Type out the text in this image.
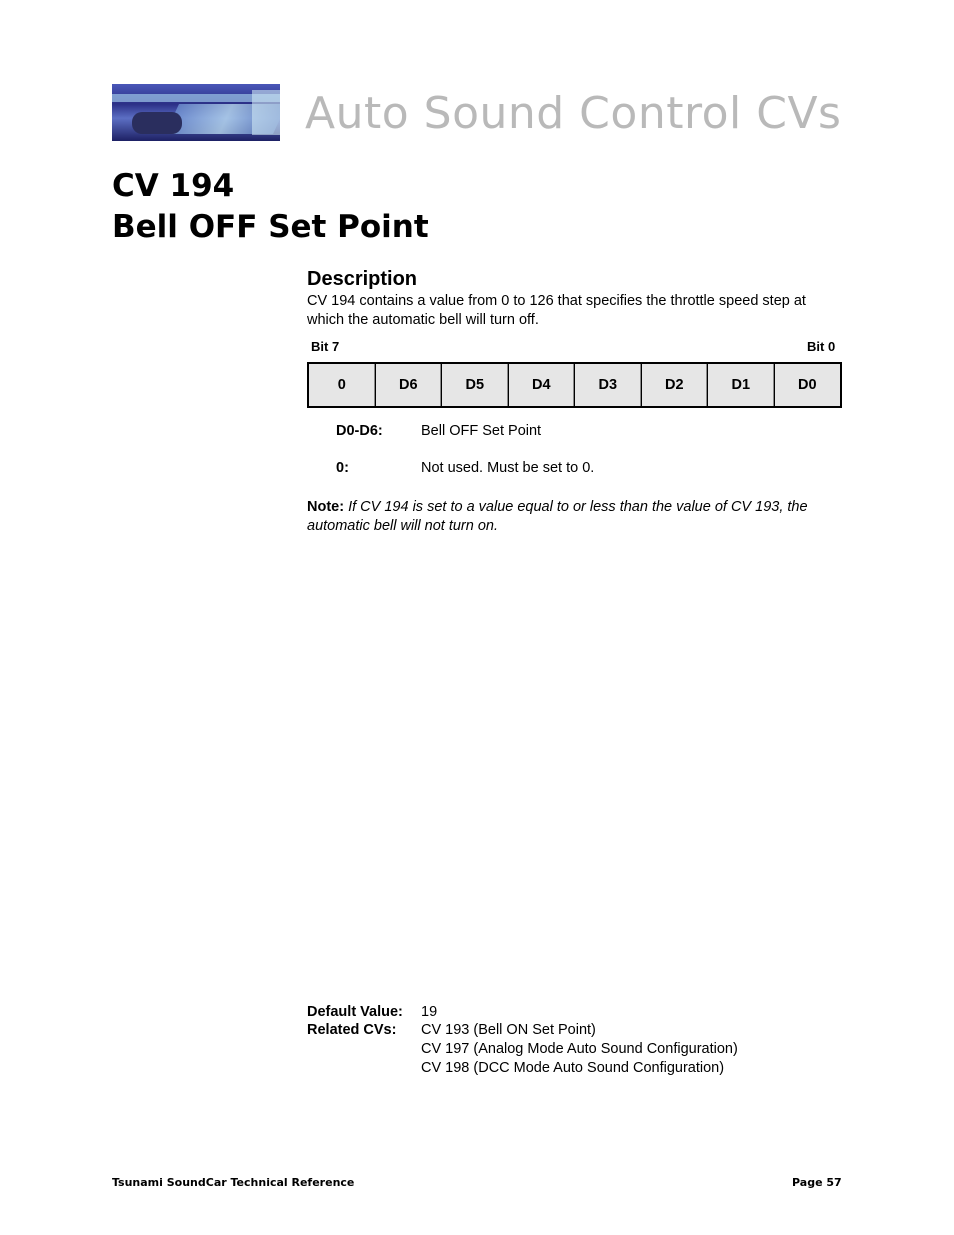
Auto Sound Control CVs
CV 194
Bell OFF Set Point
Description
CV 194 contains a value from 0 to 126 that specifies the throttle speed step at which the automatic bell will turn off.
Bit 7	Bit 0
0	D6	D5	D4	D3	D2	D1	D0
D0-D6:	Bell OFF Set Point
0:	Not used. Must be set to 0.
Note: If CV 194 is set to a value equal to or less than the value of CV 193, the automatic bell will not turn on.
Default Value: 19
Related CVs: CV 193 (Bell ON Set Point)
CV 197 (Analog Mode Auto Sound Configuration)
CV 198 (DCC Mode Auto Sound Configuration)
Tsunami SoundCar Technical Reference	Page 57
